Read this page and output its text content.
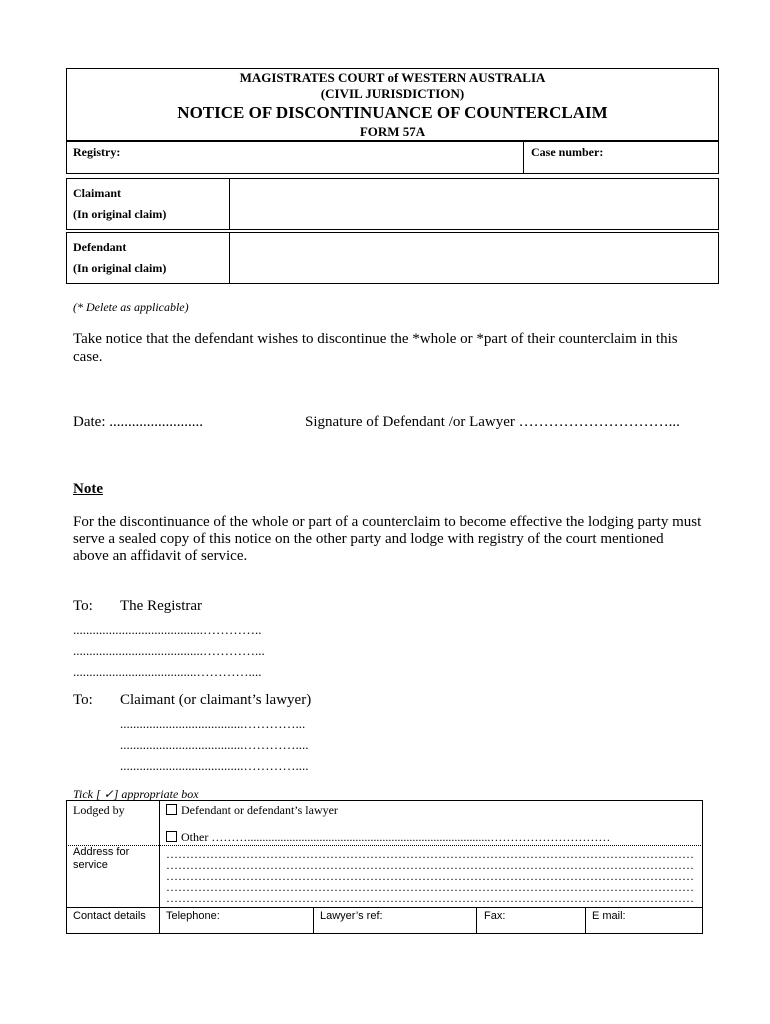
MAGISTRATES COURT of WESTERN AUSTRALIA
(CIVIL JURISDICTION)
NOTICE OF DISCONTINUANCE OF COUNTERCLAIM
FORM 57A
Registry:	Case number:
Claimant
(In original claim)
Defendant
(In original claim)
(* Delete as applicable)
Take notice that the defendant wishes to discontinue the *whole or *part of their counterclaim in this case.
Date: .........................	Signature of Defendant /or Lawyer …………………………...
Note
For the discontinuance of the whole or part of a counterclaim to become effective the lodging party must serve a sealed copy of this notice on the other party and lodge with registry of the court mentioned above an affidavit of service.
To: The Registrar
........................................…………..
........................................…………...
......................................…………....
To: Claimant (or claimant’s lawyer)
......................................…………...
......................................…………....
......................................…………....
Tick [ ✓] appropriate box
Lodged by	Defendant or defendant’s lawyer
Other ……….................................................................................…………………………
Address for service
……………………………………………………………………………………………………………………
……………………………………………………………………………………………………………………
……………………………………………………………………………………………………………………
……………………………………………………………………………………………………………………
……………………………………………………………………………………………………………………
Contact details Telephone:	Lawyer’s ref:	Fax:	E mail:
